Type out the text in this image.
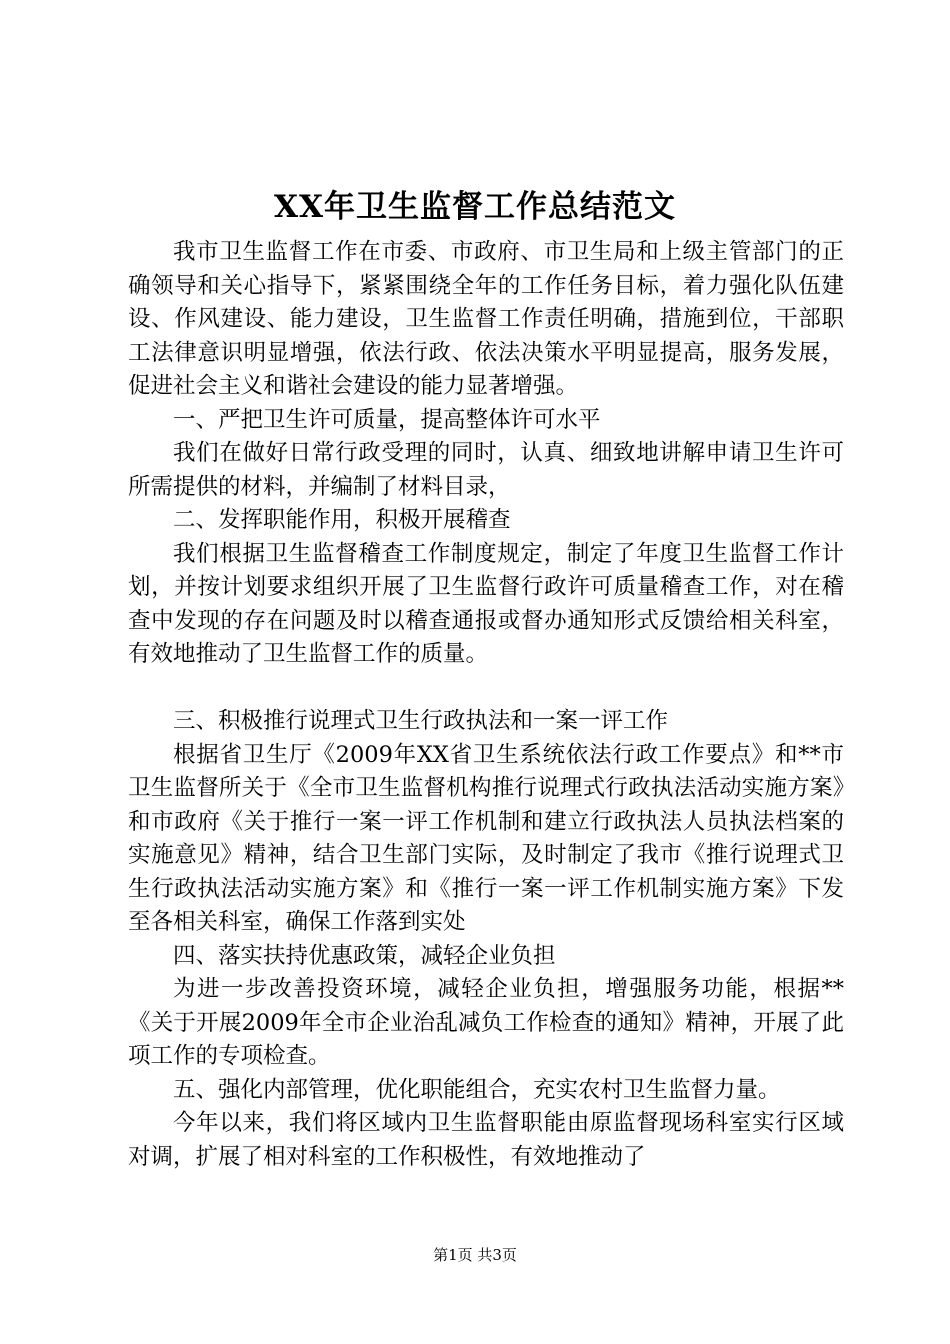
XX年卫生监督工作总结范文

我市卫生监督工作在市委、市政府、市卫生局和上级主管部门的正确领导和关心指导下，紧紧围绕全年的工作任务目标，着力强化队伍建设、作风建设、能力建设，卫生监督工作责任明确，措施到位，干部职工法律意识明显增强，依法行政、依法决策水平明显提高，服务发展，促进社会主义和谐社会建设的能力显著增强。

一、严把卫生许可质量，提高整体许可水平

我们在做好日常行政受理的同时，认真、细致地讲解申请卫生许可所需提供的材料，并编制了材料目录，

二、发挥职能作用，积极开展稽查

我们根据卫生监督稽查工作制度规定，制定了年度卫生监督工作计划，并按计划要求组织开展了卫生监督行政许可质量稽查工作，对在稽查中发现的存在问题及时以稽查通报或督办通知形式反馈给相关科室，有效地推动了卫生监督工作的质量。

三、积极推行说理式卫生行政执法和一案一评工作

根据省卫生厅《2009年XX省卫生系统依法行政工作要点》和**市卫生监督所关于《全市卫生监督机构推行说理式行政执法活动实施方案》和市政府《关于推行一案一评工作机制和建立行政执法人员执法档案的实施意见》精神，结合卫生部门实际，及时制定了我市《推行说理式卫生行政执法活动实施方案》和《推行一案一评工作机制实施方案》下发至各相关科室，确保工作落到实处

四、落实扶持优惠政策，减轻企业负担

为进一步改善投资环境，减轻企业负担，增强服务功能，根据**《关于开展2009年全市企业治乱减负工作检查的通知》精神，开展了此项工作的专项检查。

五、强化内部管理，优化职能组合，充实农村卫生监督力量。

今年以来，我们将区域内卫生监督职能由原监督现场科室实行区域对调，扩展了相对科室的工作积极性，有效地推动了

第1页 共3页
